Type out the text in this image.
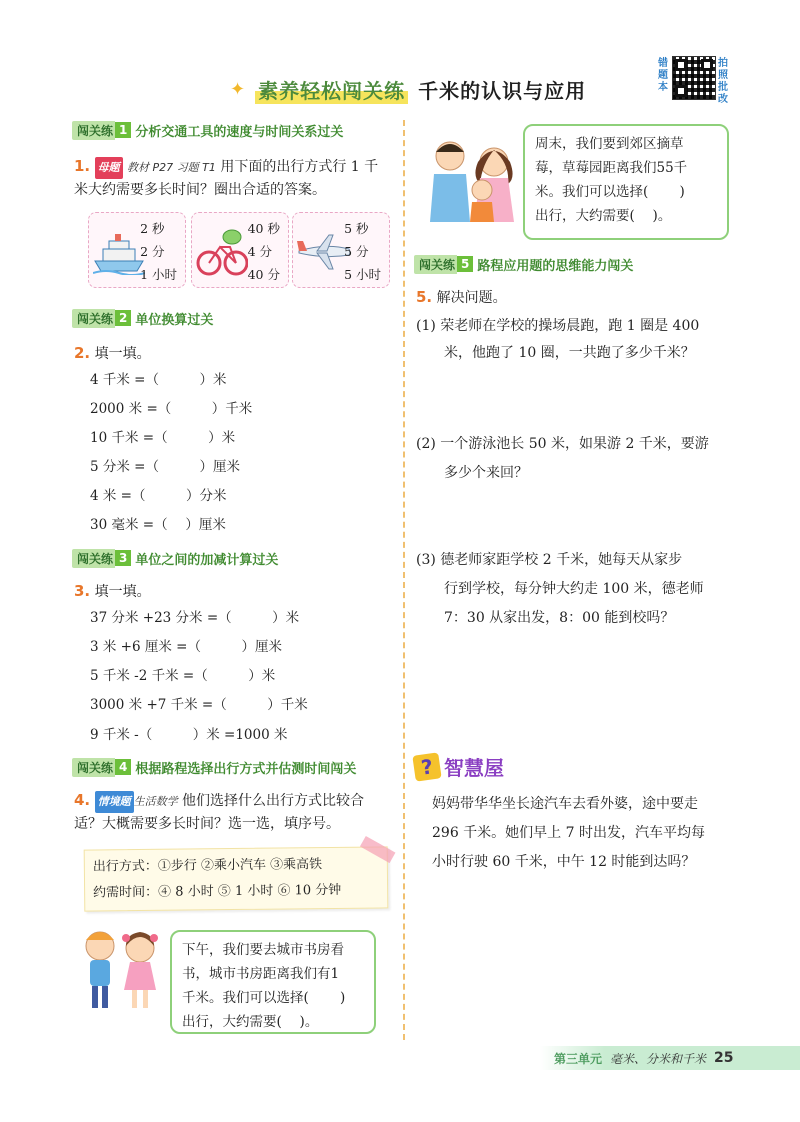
✦ 素养轻松闯关练 千米的认识与应用
错题本
拍照批改
闯关练 1 分析交通工具的速度与时间关系过关
1. 母题 教材 P27 习题 T1 用下面的出行方式行 1 千
米大约需要多长时间？圈出合适的答案。
2 秒
2 分
1 小时
40 秒
4 分
40 分
5 秒
5 分
5 小时
闯关练 2 单位换算过关
2. 填一填。
4 千米 =（　　　）米
2000 米 =（　　　）千米
10 千米 =（　　　）米
5 分米 =（　　　）厘米
4 米 =（　　　）分米
30 毫米 =（　 ）厘米
闯关练 3 单位之间的加减计算过关
3. 填一填。
37 分米 +23 分米 =（　　　）米
3 米 +6 厘米 =（　　　）厘米
5 千米 -2 千米 =（　　　）米
3000 米 +7 千米 =（　　　）千米
9 千米 -（　　　）米 =1000 米
闯关练 4 根据路程选择出行方式并估测时间闯关
4. 情境题 生活数学 他们选择什么出行方式比较合
适？大概需要多长时间？选一选，填序号。
出行方式：①步行 ②乘小汽车 ③乘高铁
约需时间：④ 8 小时 ⑤ 1 小时 ⑥ 10 分钟
下午，我们要去城市书房看
书，城市书房距离我们有1
千米。我们可以选择(　　 )
出行，大约需要(　 )。
周末，我们要到郊区摘草
莓，草莓园距离我们55千
米。我们可以选择(　　 )
出行，大约需要(　 )。
闯关练 5 路程应用题的思维能力闯关
5. 解决问题。
(1) 荣老师在学校的操场晨跑，跑 1 圈是 400
米，他跑了 10 圈，一共跑了多少千米？
(2) 一个游泳池长 50 米，如果游 2 千米，要游
多少个来回？
(3) 德老师家距学校 2 千米，她每天从家步
行到学校，每分钟大约走 100 米，德老师
7：30 从家出发，8：00 能到校吗？
? 智慧屋
妈妈带华华坐长途汽车去看外婆，途中要走
296 千米。她们早上 7 时出发，汽车平均每
小时行驶 60 千米，中午 12 时能到达吗？
第三单元 毫米、分米和千米 25
